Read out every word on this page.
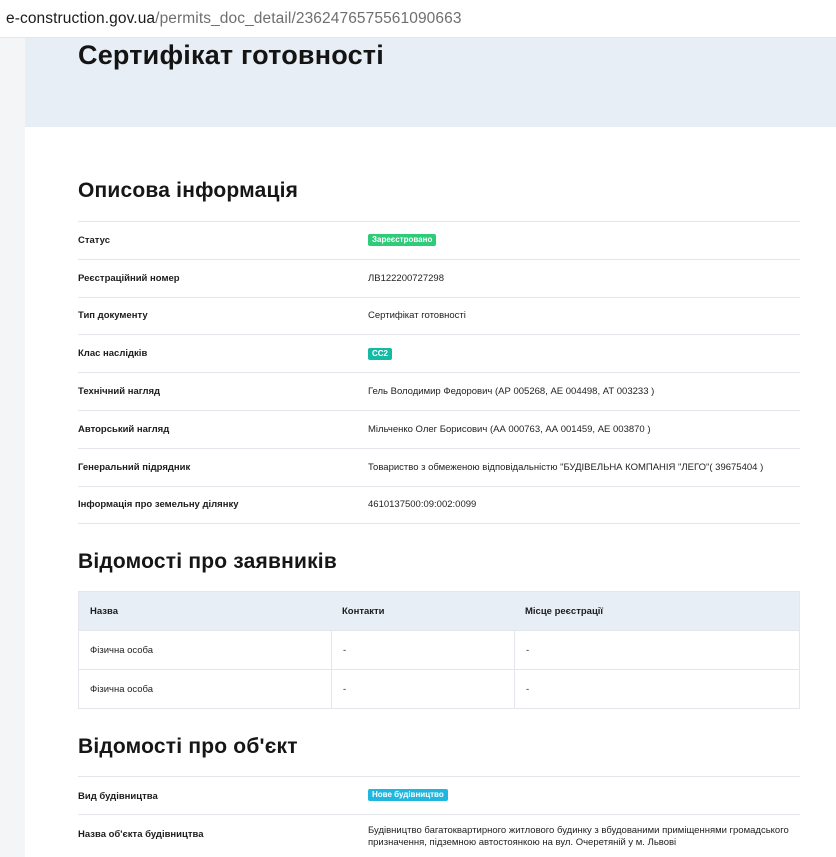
e-construction.gov.ua /permits_doc_detail/2362476575561090663
Сертифікат готовності
Описова інформація
Статус	Зареєстровано
Реєстраційний номер	ЛВ122200727298
Тип документу	Сертифікат готовності
Клас наслідків	СС2
Технічний нагляд	Гель Володимир Федорович (АР 005268, АЕ 004498, АТ 003233 )
Авторський нагляд	Мільченко Олег Борисович (АА 000763, АА 001459, АЕ 003870 )
Генеральний підрядник	Товариство з обмеженою відповідальністю "БУДІВЕЛЬНА КОМПАНІЯ "ЛЕГО"( 39675404 )
Інформація про земельну ділянку	4610137500:09:002:0099
Відомості про заявників
Назва	Контакти	Місце реєстрації
Фізична особа	-	-
Фізична особа	-	-
Відомості про об'єкт
Вид будівництва	Нове будівництво
Назва об'єкта будівництва	Будівництво багатоквартирного житлового будинку з вбудованими приміщеннями громадського призначення, підземною автостоянкою на вул. Очеретяній у м. Львові
